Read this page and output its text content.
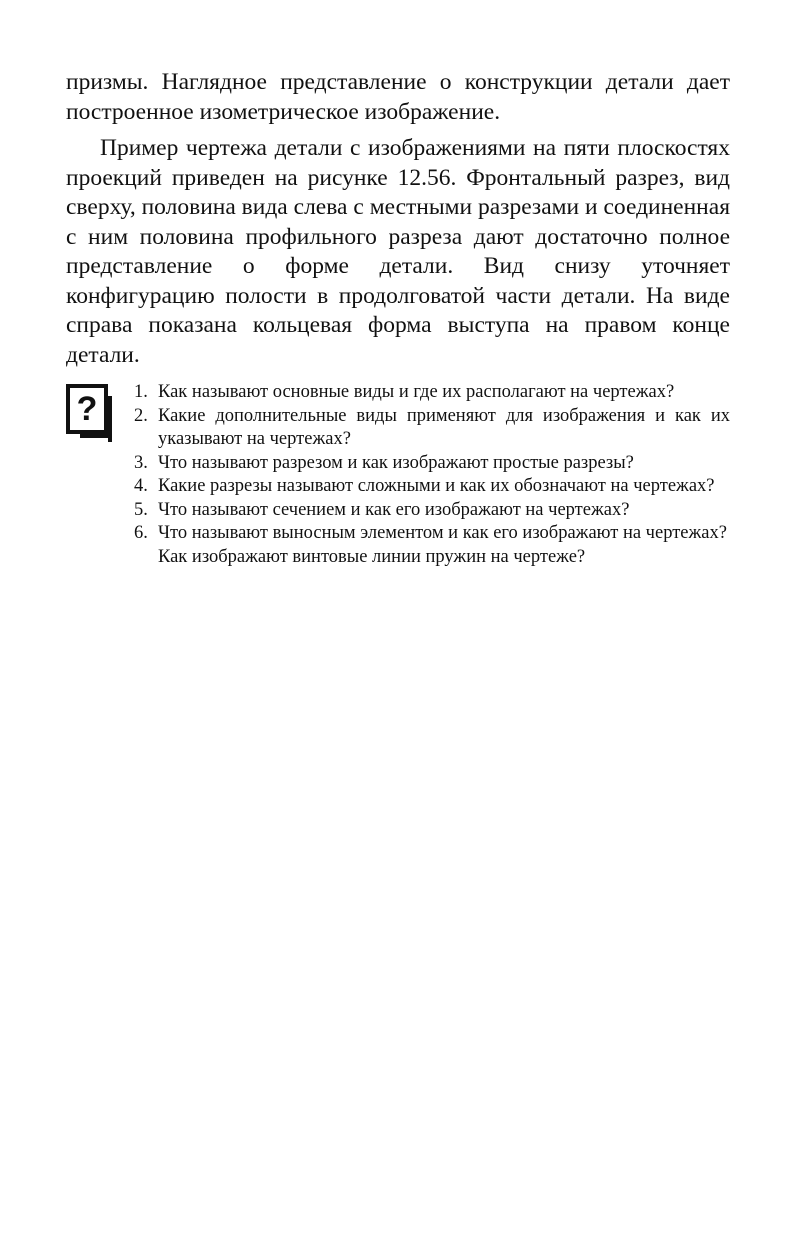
призмы. Наглядное представление о конструкции детали дает построенное изометрическое изображение.

Пример чертежа детали с изображениями на пяти плоскостях проекций приведен на рисунке 12.56. Фронтальный разрез, вид сверху, половина вида слева с местными разрезами и соединенная с ним половина профильного разреза дают достаточно полное представление о форме детали. Вид снизу уточняет конфигурацию полости в продолговатой части детали. На виде справа показана кольцевая форма выступа на правом конце детали.

? 1. Как называют основные виды и где их располагают на чертежах?
2. Какие дополнительные виды применяют для изображения и как их указывают на чертежах?
3. Что называют разрезом и как изображают простые разрезы?
4. Какие разрезы называют сложными и как их обозначают на чертежах?
5. Что называют сечением и как его изображают на чертежах?
6. Что называют выносным элементом и как его изображают на чертежах?
Как изображают винтовые линии пружин на чертеже?
